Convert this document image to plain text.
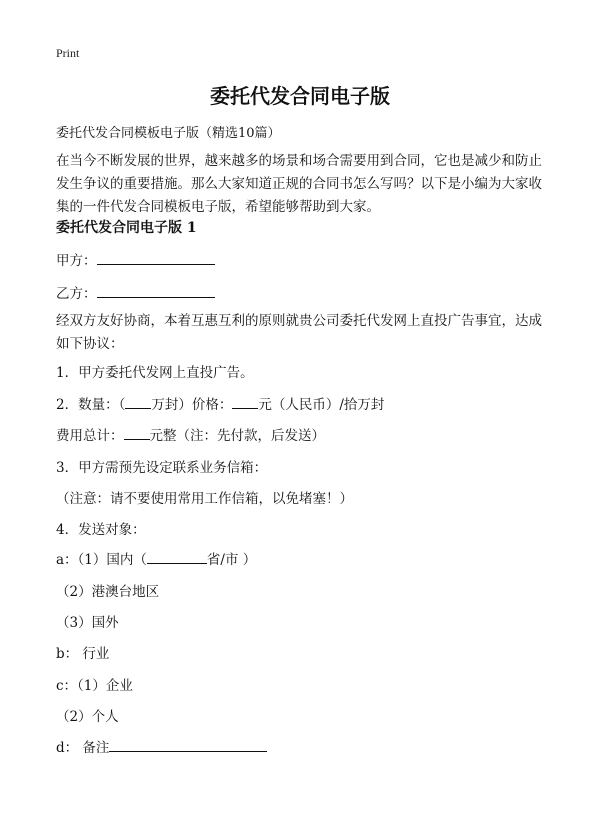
Print
委托代发合同电子版
委托代发合同模板电子版（精选10篇）
在当今不断发展的世界，越来越多的场景和场合需要用到合同，它也是减少和防止发生争议的重要措施。那么大家知道正规的合同书怎么写吗？以下是小编为大家收集的一件代发合同模板电子版，希望能够帮助到大家。
委托代发合同电子版 1
甲方：
乙方：
经双方友好协商，本着互惠互利的原则就贵公司委托代发网上直投广告事宜，达成如下协议：
1．甲方委托代发网上直投广告。
2．数量：（ 万封）价格： 元（人民币）/拾万封
费用总计： 元整（注：先付款，后发送）
3．甲方需预先设定联系业务信箱：
（注意：请不要使用常用工作信箱，以免堵塞！）
4．发送对象：
a：（1）国内（	省/市 ）
（2）港澳台地区
（3）国外
b： 行业
c：（1）企业
（2）个人
d： 备注
